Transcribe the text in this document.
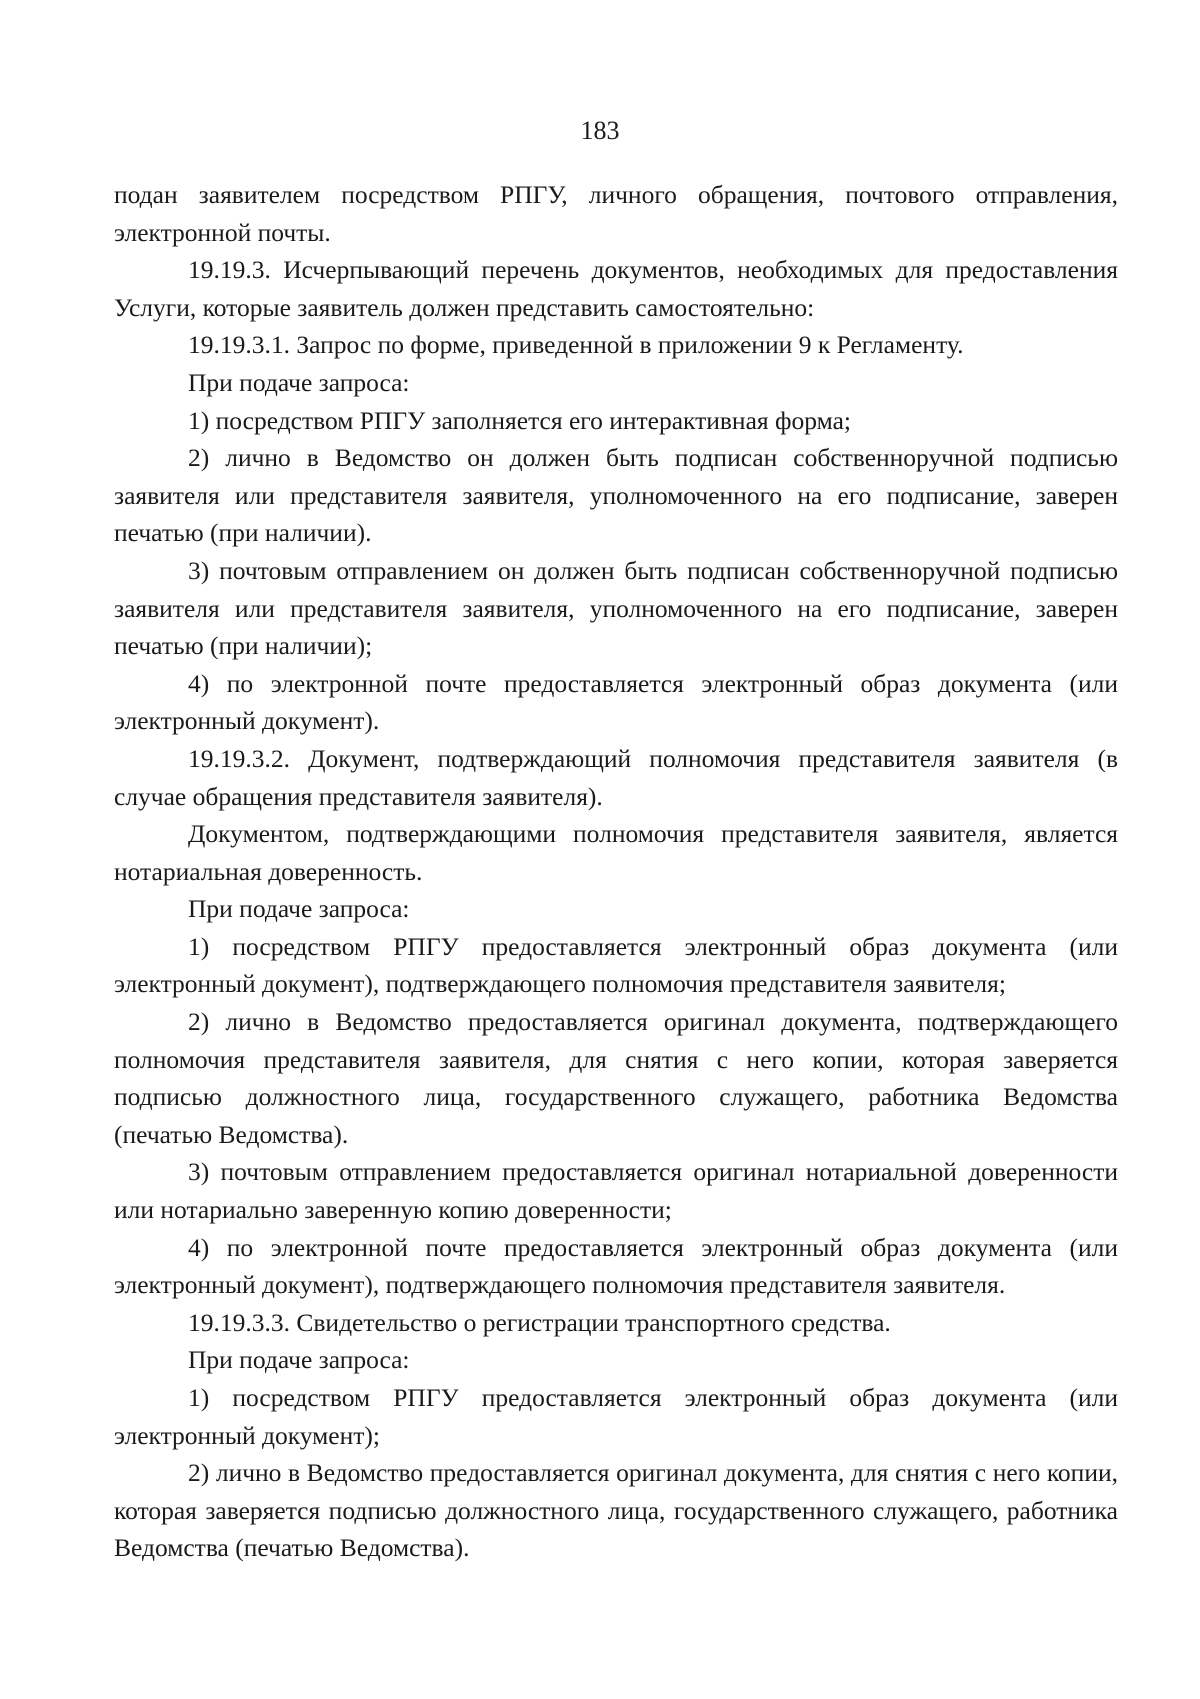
183

подан заявителем посредством РПГУ, личного обращения, почтового отправления, электронной почты.

19.19.3. Исчерпывающий перечень документов, необходимых для предоставления Услуги, которые заявитель должен представить самостоятельно:

19.19.3.1. Запрос по форме, приведенной в приложении 9 к Регламенту.

При подаче запроса:

1) посредством РПГУ заполняется его интерактивная форма;

2) лично в Ведомство он должен быть подписан собственноручной подписью заявителя или представителя заявителя, уполномоченного на его подписание, заверен печатью (при наличии).

3) почтовым отправлением он должен быть подписан собственноручной подписью заявителя или представителя заявителя, уполномоченного на его подписание, заверен печатью (при наличии);

4) по электронной почте предоставляется электронный образ документа (или электронный документ).

19.19.3.2. Документ, подтверждающий полномочия представителя заявителя (в случае обращения представителя заявителя).

Документом, подтверждающими полномочия представителя заявителя, является нотариальная доверенность.

При подаче запроса:

1) посредством РПГУ предоставляется электронный образ документа (или электронный документ), подтверждающего полномочия представителя заявителя;

2) лично в Ведомство предоставляется оригинал документа, подтверждающего полномочия представителя заявителя, для снятия с него копии, которая заверяется подписью должностного лица, государственного служащего, работника Ведомства (печатью Ведомства).

3) почтовым отправлением предоставляется оригинал нотариальной доверенности или нотариально заверенную копию доверенности;

4) по электронной почте предоставляется электронный образ документа (или электронный документ), подтверждающего полномочия представителя заявителя.

19.19.3.3. Свидетельство о регистрации транспортного средства.

При подаче запроса:

1) посредством РПГУ предоставляется электронный образ документа (или электронный документ);

2) лично в Ведомство предоставляется оригинал документа, для снятия с него копии, которая заверяется подписью должностного лица, государственного служащего, работника Ведомства (печатью Ведомства).
